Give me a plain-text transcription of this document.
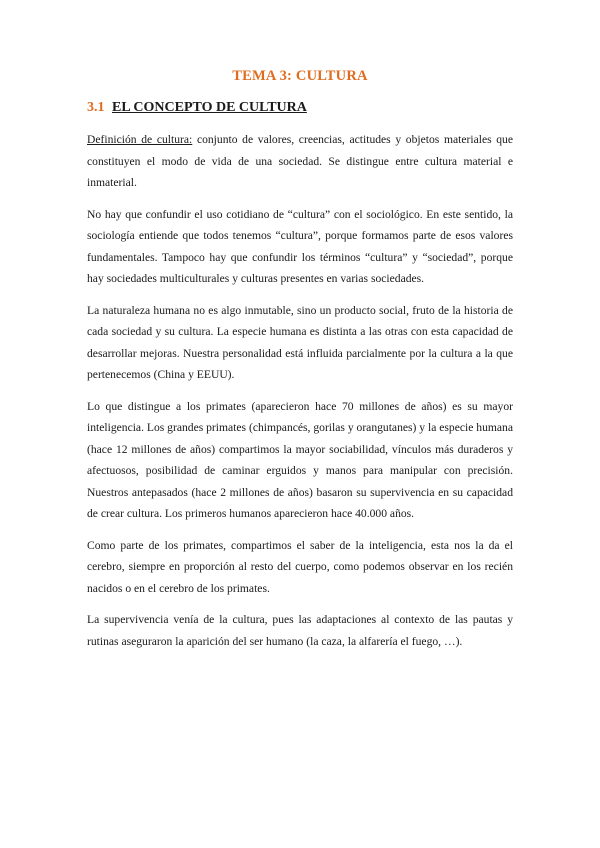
TEMA 3: CULTURA
3.1 EL CONCEPTO DE CULTURA

Definición de cultura: conjunto de valores, creencias, actitudes y objetos materiales que constituyen el modo de vida de una sociedad. Se distingue entre cultura material e inmaterial.

No hay que confundir el uso cotidiano de “cultura” con el sociológico. En este sentido, la sociología entiende que todos tenemos “cultura”, porque formamos parte de esos valores fundamentales. Tampoco hay que confundir los términos “cultura” y “sociedad”, porque hay sociedades multiculturales y culturas presentes en varias sociedades.

La naturaleza humana no es algo inmutable, sino un producto social, fruto de la historia de cada sociedad y su cultura. La especie humana es distinta a las otras con esta capacidad de desarrollar mejoras. Nuestra personalidad está influida parcialmente por la cultura a la que pertenecemos (China y EEUU).

Lo que distingue a los primates (aparecieron hace 70 millones de años) es su mayor inteligencia. Los grandes primates (chimpancés, gorilas y orangutanes) y la especie humana (hace 12 millones de años) compartimos la mayor sociabilidad, vínculos más duraderos y afectuosos, posibilidad de caminar erguidos y manos para manipular con precisión. Nuestros antepasados (hace 2 millones de años) basaron su supervivencia en su capacidad de crear cultura. Los primeros humanos aparecieron hace 40.000 años.

Como parte de los primates, compartimos el saber de la inteligencia, esta nos la da el cerebro, siempre en proporción al resto del cuerpo, como podemos observar en los recién nacidos o en el cerebro de los primates.

La supervivencia venía de la cultura, pues las adaptaciones al contexto de las pautas y rutinas aseguraron la aparición del ser humano (la caza, la alfarería el fuego, …).
